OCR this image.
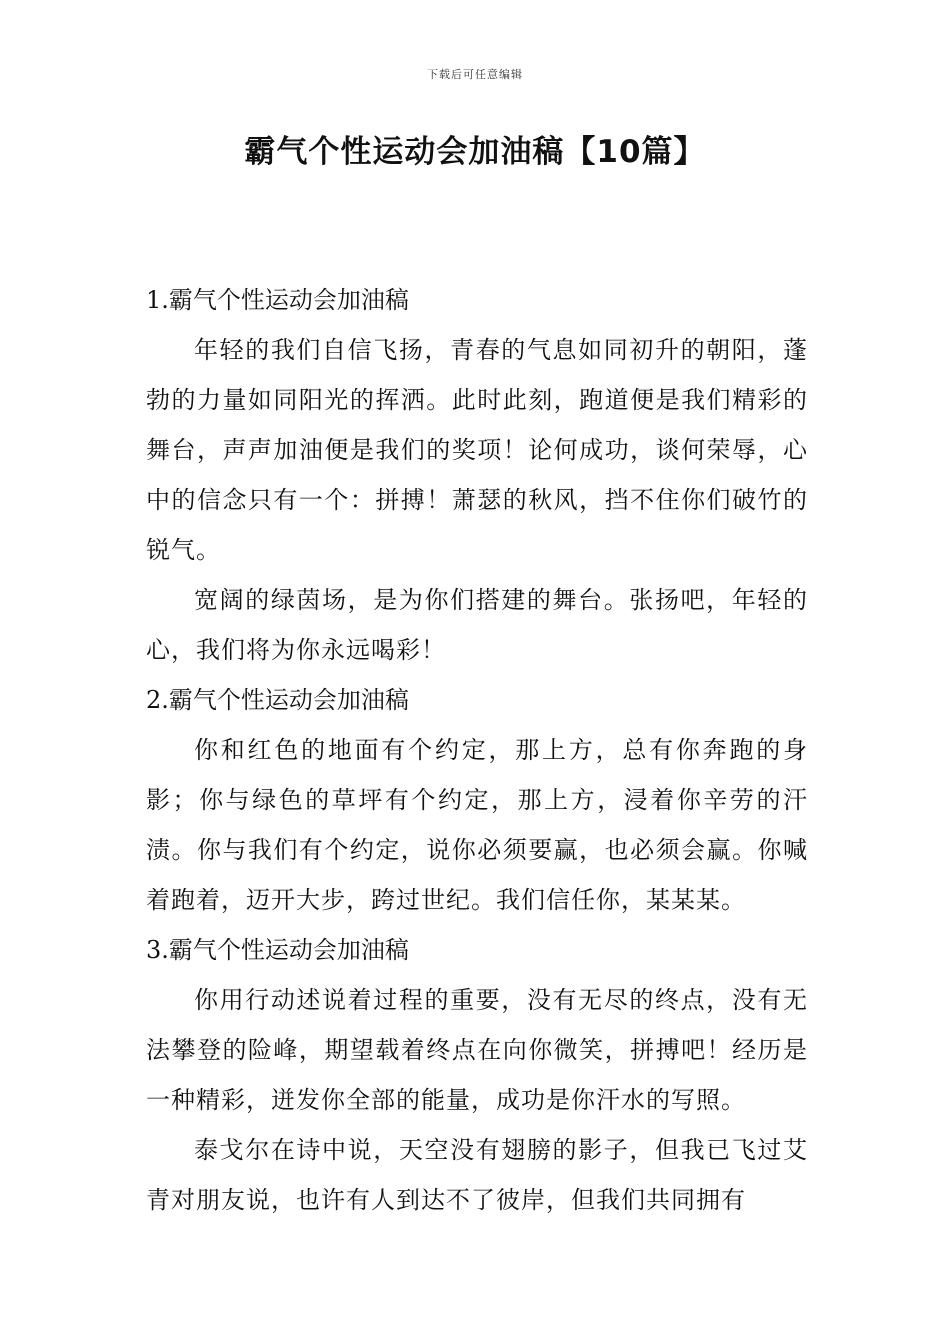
下载后可任意编辑
霸气个性运动会加油稿【10篇】
1.霸气个性运动会加油稿

年轻的我们自信飞扬，青春的气息如同初升的朝阳，蓬勃的力量如同阳光的挥洒。此时此刻，跑道便是我们精彩的舞台，声声加油便是我们的奖项！论何成功，谈何荣辱，心中的信念只有一个：拼搏！萧瑟的秋风，挡不住你们破竹的锐气。

宽阔的绿茵场，是为你们搭建的舞台。张扬吧，年轻的心，我们将为你永远喝彩！

2.霸气个性运动会加油稿

你和红色的地面有个约定，那上方，总有你奔跑的身影；你与绿色的草坪有个约定，那上方，浸着你辛劳的汗渍。你与我们有个约定，说你必须要赢，也必须会赢。你喊着跑着，迈开大步，跨过世纪。我们信任你，某某某。

3.霸气个性运动会加油稿

你用行动述说着过程的重要，没有无尽的终点，没有无法攀登的险峰，期望载着终点在向你微笑，拼搏吧！经历是一种精彩，迸发你全部的能量，成功是你汗水的写照。

泰戈尔在诗中说，天空没有翅膀的影子，但我已飞过艾青对朋友说，也许有人到达不了彼岸，但我们共同拥有
